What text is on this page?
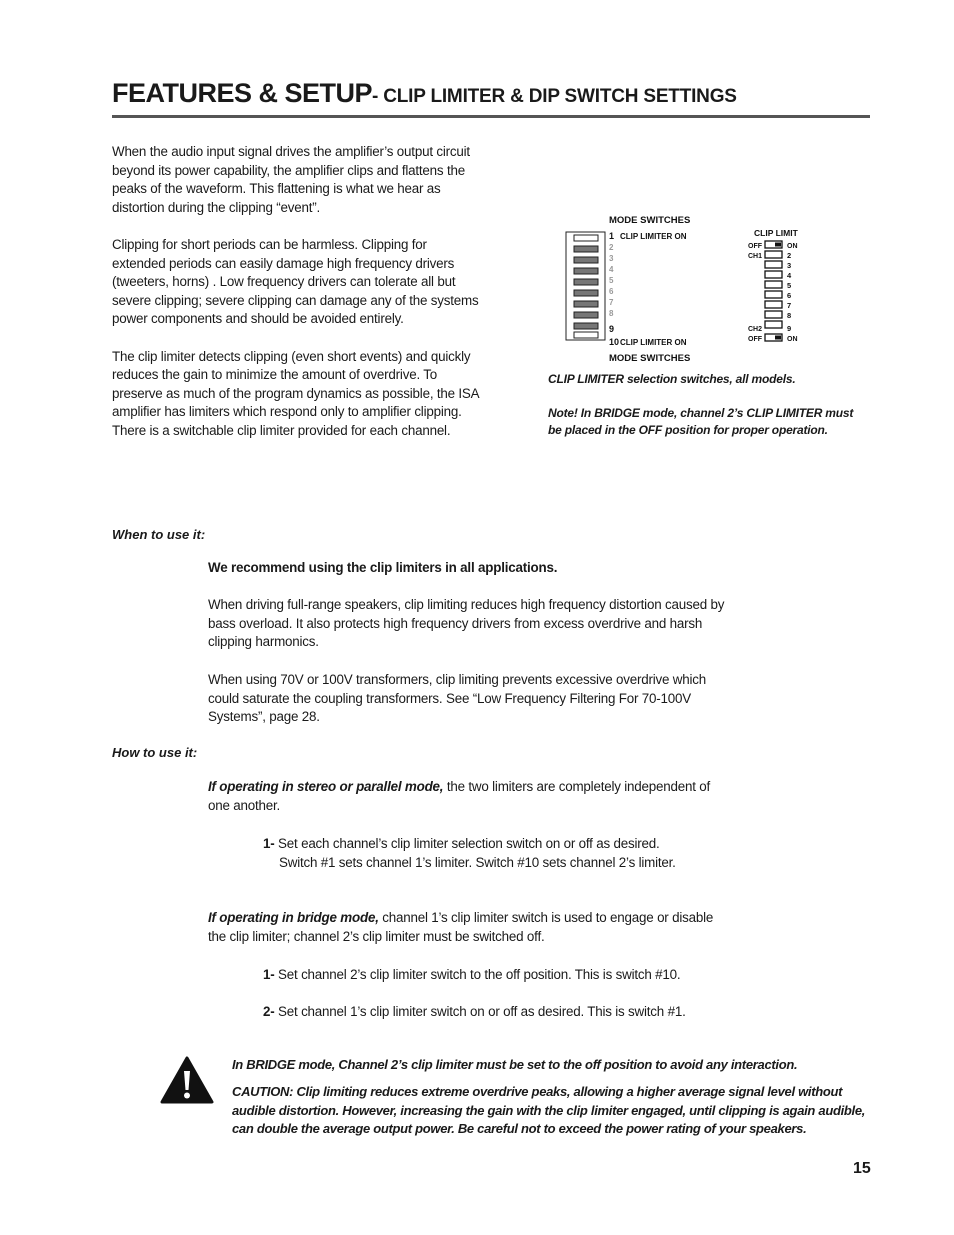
FEATURES & SETUP- CLIP LIMITER & DIP SWITCH SETTINGS

When the audio input signal drives the amplifier’s output circuit beyond its power capability, the amplifier clips and flattens the peaks of the waveform. This flattening is what we hear as distortion during the clipping “event”.

Clipping for short periods can be harmless. Clipping for extended periods can easily damage high frequency drivers (tweeters, horns) . Low frequency drivers can tolerate all but severe clipping; severe clipping can damage any of the systems power components and should be avoided entirely.

The clip limiter detects clipping (even short events) and quickly reduces the gain to minimize the amount of overdrive. To preserve as much of the program dynamics as possible, the ISA amplifier has limiters which respond only to amplifier clipping. There is a switchable clip limiter provided for each channel.

MODE SWITCHES
1
2
3
4
5
6
7
8
9
10
CLIP LIMITER ON
CLIP LIMITER ON
MODE SWITCHES
CLIP LIMIT
OFF
CH1
CH2
OFF
ON
ON
2
3
4
5
6
7
8
9
CLIP LIMITER selection switches, all models.
Note! In BRIDGE mode, channel 2’s CLIP LIMITER must be placed in the OFF position for proper operation.
When to use it:
We recommend using the clip limiters in all applications.
When driving full-range speakers, clip limiting reduces high frequency distortion caused by bass overload. It also protects high frequency drivers from excess overdrive and harsh clipping harmonics.
When using 70V or 100V transformers, clip limiting prevents excessive overdrive which could saturate the coupling transformers. See “Low Frequency Filtering For 70-100V Systems”, page 28.
How to use it:
If operating in stereo or parallel mode, the two limiters are completely independent of one another.
1- Set each channel’s clip limiter selection switch on or off as desired.
Switch #1 sets channel 1’s limiter. Switch #10 sets channel 2’s limiter.
If operating in bridge mode, channel 1’s clip limiter switch is used to engage or disable the clip limiter; channel 2’s clip limiter must be switched off.
1- Set channel 2’s clip limiter switch to the off position. This is switch #10.
2- Set channel 1’s clip limiter switch on or off as desired. This is switch #1.
In BRIDGE mode, Channel 2’s clip limiter must be set to the off position to avoid any interaction.
CAUTION: Clip limiting reduces extreme overdrive peaks, allowing a higher average signal level without audible distortion. However, increasing the gain with the clip limiter engaged, until clipping is again audible, can double the average output power. Be careful not to exceed the power rating of your speakers.
15
